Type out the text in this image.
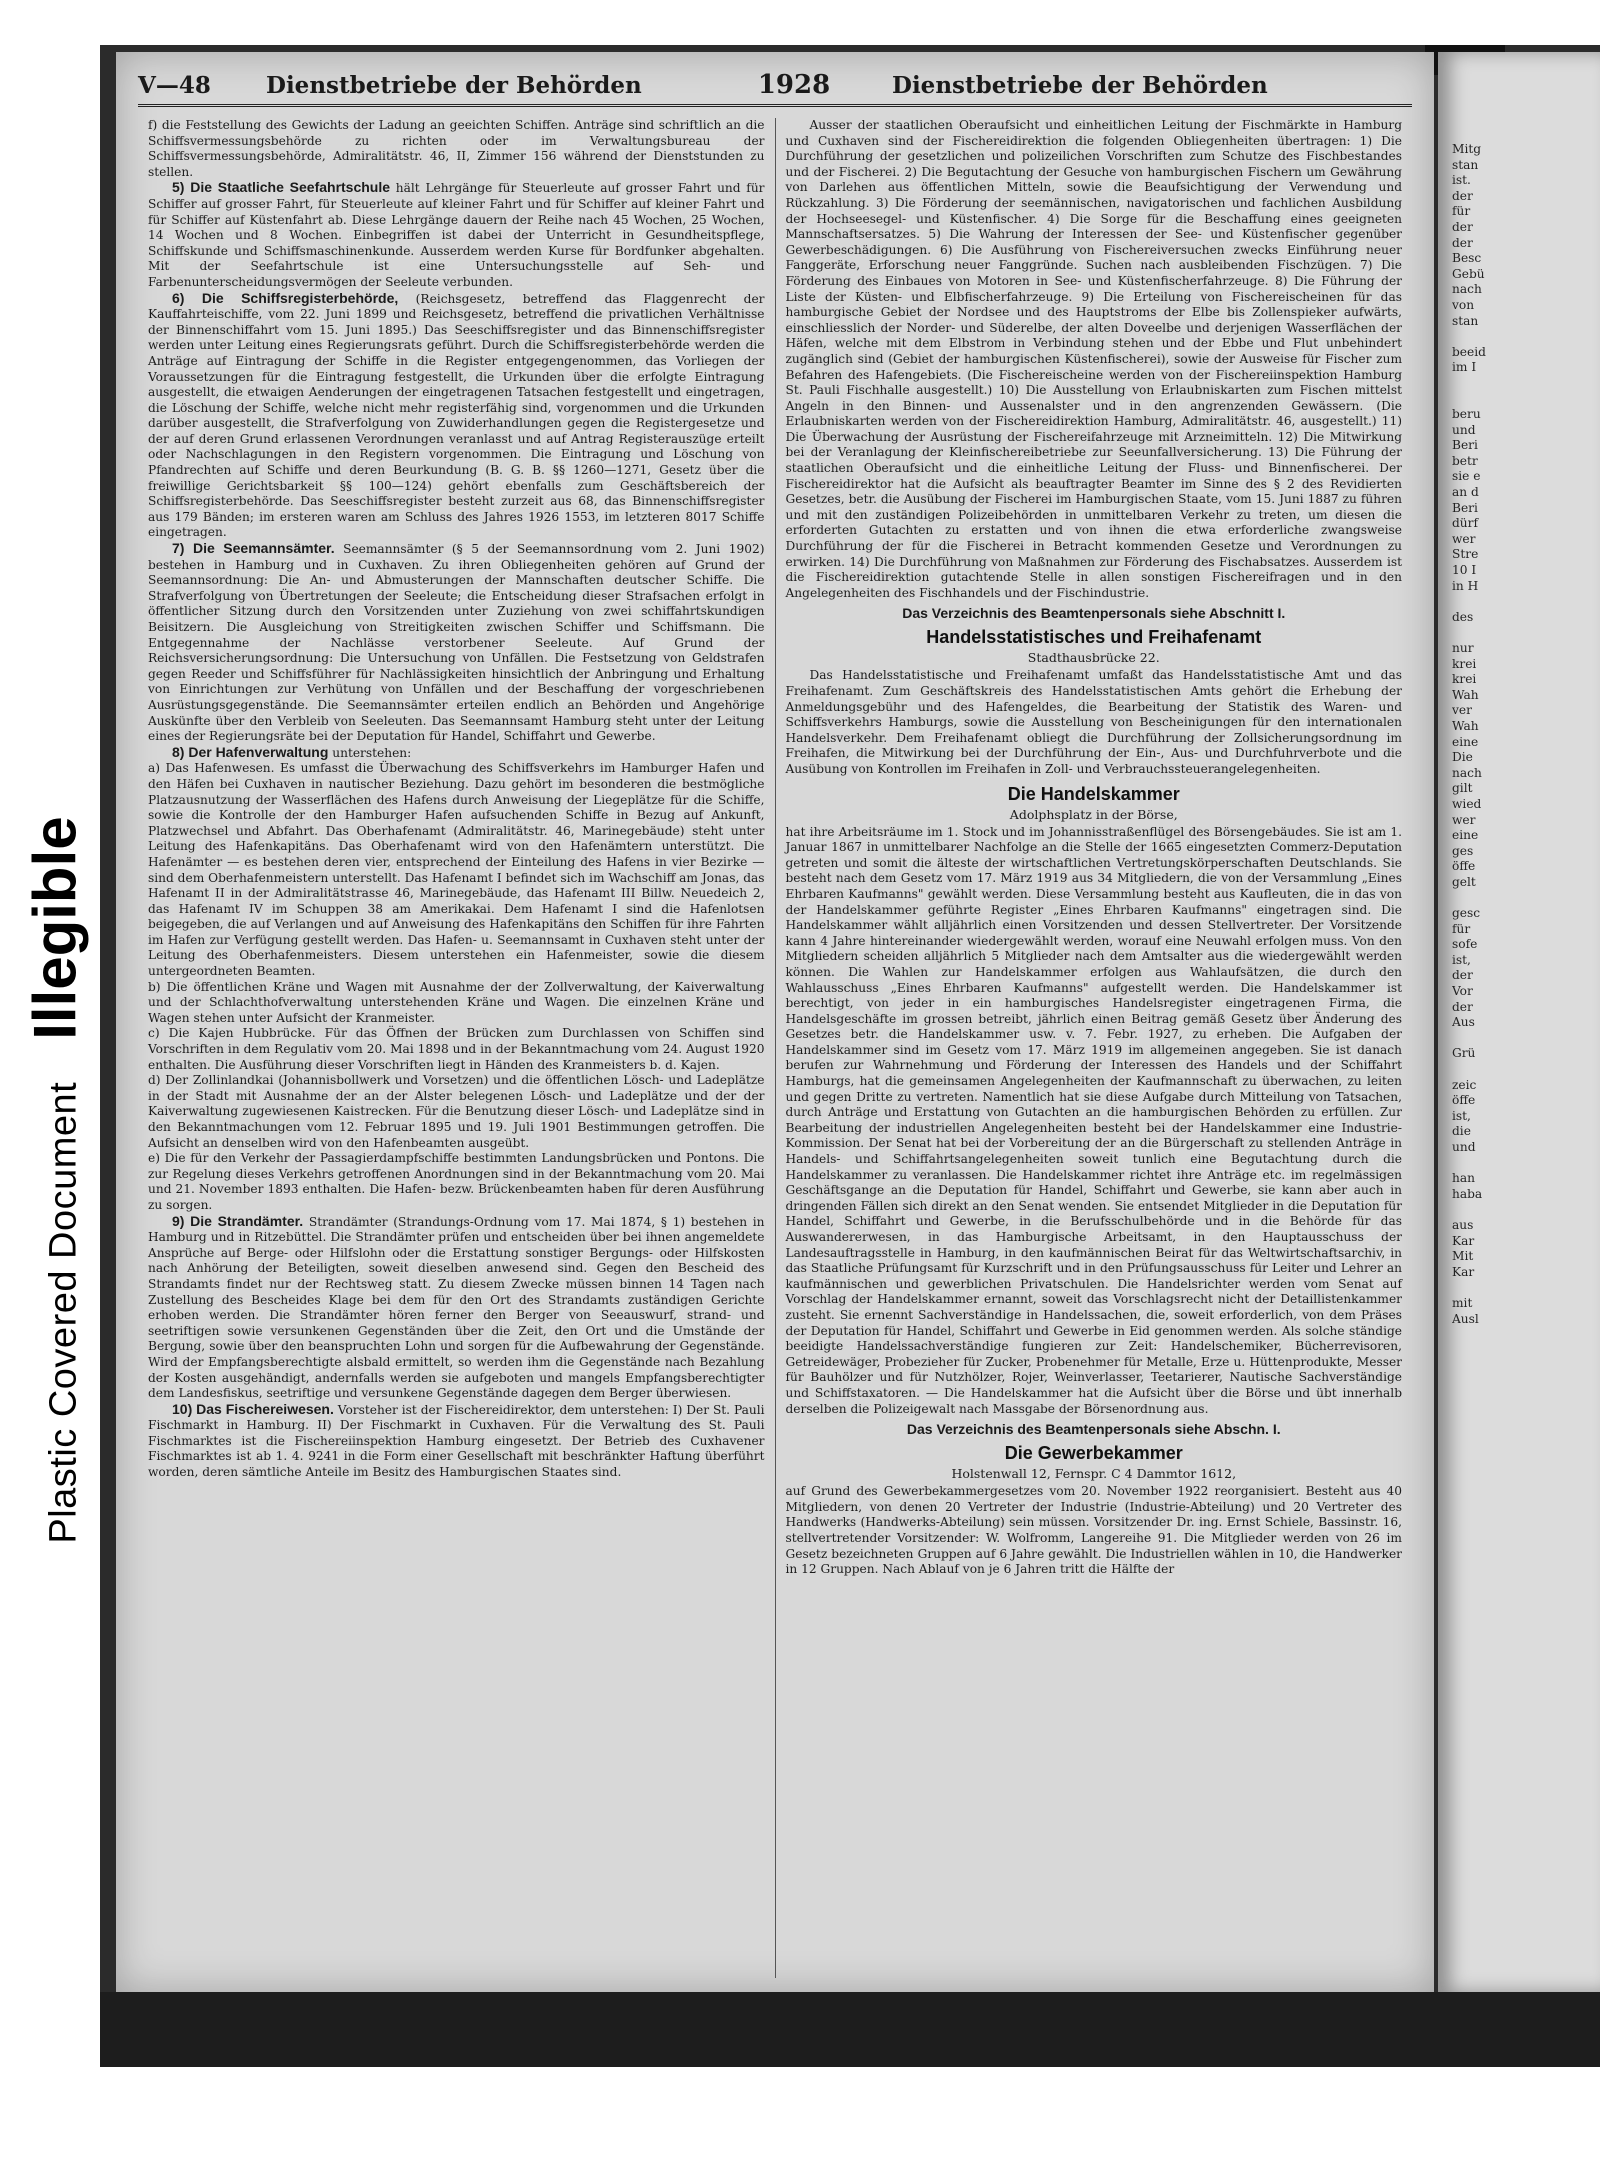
Plastic Covered Document
Illegible
V—48	Dienstbetriebe der Behörden	1928	Dienstbetriebe der Behörden

f) die Feststellung des Gewichts der Ladung an geeichten Schiffen. Anträge sind schriftlich an die Schiffsvermessungsbehörde zu richten oder im Verwaltungsbureau der Schiffsvermessungsbehörde, Admiralitätstr. 46, II, Zimmer 156 während der Dienststunden zu stellen.

5) Die Staatliche Seefahrtschule hält Lehrgänge für Steuerleute auf grosser Fahrt und für Schiffer auf grosser Fahrt, für Steuerleute auf kleiner Fahrt und für Schiffer auf kleiner Fahrt und für Schiffer auf Küstenfahrt ab. Diese Lehrgänge dauern der Reihe nach 45 Wochen, 25 Wochen, 14 Wochen und 8 Wochen. Einbegriffen ist dabei der Unterricht in Gesundheitspflege, Schiffskunde und Schiffsmaschinenkunde. Ausserdem werden Kurse für Bordfunker abgehalten. Mit der Seefahrtschule ist eine Untersuchungsstelle auf Seh- und Farbenunterscheidungsvermögen der Seeleute verbunden.

6) Die Schiffsregisterbehörde, (Reichsgesetz, betreffend das Flaggenrecht der Kauffahrteischiffe, vom 22. Juni 1899 und Reichsgesetz, betreffend die privatlichen Verhältnisse der Binnenschiffahrt vom 15. Juni 1895.) Das Seeschiffsregister und das Binnenschiffsregister werden unter Leitung eines Regierungsrats geführt. Durch die Schiffsregisterbehörde werden die Anträge auf Eintragung der Schiffe in die Register entgegengenommen, das Vorliegen der Voraussetzungen für die Eintragung festgestellt, die Urkunden über die erfolgte Eintragung ausgestellt, die etwaigen Aenderungen der eingetragenen Tatsachen festgestellt und eingetragen, die Löschung der Schiffe, welche nicht mehr registerfähig sind, vorgenommen und die Urkunden darüber ausgestellt, die Strafverfolgung von Zuwiderhandlungen gegen die Registergesetze und der auf deren Grund erlassenen Verordnungen veranlasst und auf Antrag Registerauszüge erteilt oder Nachschlagungen in den Registern vorgenommen. Die Eintragung und Löschung von Pfandrechten auf Schiffe und deren Beurkundung (B. G. B. §§ 1260—1271, Gesetz über die freiwillige Gerichtsbarkeit §§ 100—124) gehört ebenfalls zum Geschäftsbereich der Schiffsregisterbehörde. Das Seeschiffsregister besteht zurzeit aus 68, das Binnenschiffsregister aus 179 Bänden; im ersteren waren am Schluss des Jahres 1926 1553, im letzteren 8017 Schiffe eingetragen.

7) Die Seemannsämter. Seemannsämter (§ 5 der Seemannsordnung vom 2. Juni 1902) bestehen in Hamburg und in Cuxhaven. Zu ihren Obliegenheiten gehören auf Grund der Seemannsordnung: Die An- und Abmusterungen der Mannschaften deutscher Schiffe. Die Strafverfolgung von Übertretungen der Seeleute; die Entscheidung dieser Strafsachen erfolgt in öffentlicher Sitzung durch den Vorsitzenden unter Zuziehung von zwei schiffahrtskundigen Beisitzern. Die Ausgleichung von Streitigkeiten zwischen Schiffer und Schiffsmann. Die Entgegennahme der Nachlässe verstorbener Seeleute. Auf Grund der Reichsversicherungsordnung: Die Untersuchung von Unfällen. Die Festsetzung von Geldstrafen gegen Reeder und Schiffsführer für Nachlässigkeiten hinsichtlich der Anbringung und Erhaltung von Einrichtungen zur Verhütung von Unfällen und der Beschaffung der vorgeschriebenen Ausrüstungsgegenstände. Die Seemannsämter erteilen endlich an Behörden und Angehörige Auskünfte über den Verbleib von Seeleuten. Das Seemannsamt Hamburg steht unter der Leitung eines der Regierungsräte bei der Deputation für Handel, Schiffahrt und Gewerbe.

8) Der Hafenverwaltung unterstehen:

a) Das Hafenwesen. Es umfasst die Überwachung des Schiffsverkehrs im Hamburger Hafen und den Häfen bei Cuxhaven in nautischer Beziehung. Dazu gehört im besonderen die bestmögliche Platzausnutzung der Wasserflächen des Hafens durch Anweisung der Liegeplätze für die Schiffe, sowie die Kontrolle der den Hamburger Hafen aufsuchenden Schiffe in Bezug auf Ankunft, Platzwechsel und Abfahrt. Das Oberhafenamt (Admiralitätstr. 46, Marinegebäude) steht unter Leitung des Hafenkapitäns. Das Oberhafenamt wird von den Hafenämtern unterstützt. Die Hafenämter — es bestehen deren vier, entsprechend der Einteilung des Hafens in vier Bezirke — sind dem Oberhafenmeistern unterstellt. Das Hafenamt I befindet sich im Wachschiff am Jonas, das Hafenamt II in der Admiralitätstrasse 46, Marinegebäude, das Hafenamt III Billw. Neuedeich 2, das Hafenamt IV im Schuppen 38 am Amerikakai. Dem Hafenamt I sind die Hafenlotsen beigegeben, die auf Verlangen und auf Anweisung des Hafenkapitäns den Schiffen für ihre Fahrten im Hafen zur Verfügung gestellt werden. Das Hafen- u. Seemannsamt in Cuxhaven steht unter der Leitung des Oberhafenmeisters. Diesem unterstehen ein Hafenmeister, sowie die diesem untergeordneten Beamten.

b) Die öffentlichen Kräne und Wagen mit Ausnahme der der Zollverwaltung, der Kaiverwaltung und der Schlachthofverwaltung unterstehenden Kräne und Wagen. Die einzelnen Kräne und Wagen stehen unter Aufsicht der Kranmeister.

c) Die Kajen Hubbrücke. Für das Öffnen der Brücken zum Durchlassen von Schiffen sind Vorschriften in dem Regulativ vom 20. Mai 1898 und in der Bekanntmachung vom 24. August 1920 enthalten. Die Ausführung dieser Vorschriften liegt in Händen des Kranmeisters b. d. Kajen.

d) Der Zollinlandkai (Johannisbollwerk und Vorsetzen) und die öffentlichen Lösch- und Ladeplätze in der Stadt mit Ausnahme der an der Alster belegenen Lösch- und Ladeplätze und der der Kaiverwaltung zugewiesenen Kaistrecken. Für die Benutzung dieser Lösch- und Ladeplätze sind in den Bekanntmachungen vom 12. Februar 1895 und 19. Juli 1901 Bestimmungen getroffen. Die Aufsicht an denselben wird von den Hafenbeamten ausgeübt.

e) Die für den Verkehr der Passagierdampfschiffe bestimmten Landungsbrücken und Pontons. Die zur Regelung dieses Verkehrs getroffenen Anordnungen sind in der Bekanntmachung vom 20. Mai und 21. November 1893 enthalten. Die Hafen- bezw. Brückenbeamten haben für deren Ausführung zu sorgen.

9) Die Strandämter. Strandämter (Strandungs-Ordnung vom 17. Mai 1874, § 1) bestehen in Hamburg und in Ritzebüttel. Die Strandämter prüfen und entscheiden über bei ihnen angemeldete Ansprüche auf Berge- oder Hilfslohn oder die Erstattung sonstiger Bergungs- oder Hilfskosten nach Anhörung der Beteiligten, soweit dieselben anwesend sind. Gegen den Bescheid des Strandamts findet nur der Rechtsweg statt. Zu diesem Zwecke müssen binnen 14 Tagen nach Zustellung des Bescheides Klage bei dem für den Ort des Strandamts zuständigen Gerichte erhoben werden. Die Strandämter hören ferner den Berger von Seeauswurf, strand- und seetriftigen sowie versunkenen Gegenständen über die Zeit, den Ort und die Umstände der Bergung, sowie über den beanspruchten Lohn und sorgen für die Aufbewahrung der Gegenstände. Wird der Empfangsberechtigte alsbald ermittelt, so werden ihm die Gegenstände nach Bezahlung der Kosten ausgehändigt, andernfalls werden sie aufgeboten und mangels Empfangsberechtigter dem Landesfiskus, seetriftige und versunkene Gegenstände dagegen dem Berger überwiesen.

10) Das Fischereiwesen. Vorsteher ist der Fischereidirektor, dem unterstehen: I) Der St. Pauli Fischmarkt in Hamburg. II) Der Fischmarkt in Cuxhaven. Für die Verwaltung des St. Pauli Fischmarktes ist die Fischereiinspektion Hamburg eingesetzt. Der Betrieb des Cuxhavener Fischmarktes ist ab 1. 4. 9241 in die Form einer Gesellschaft mit beschränkter Haftung überführt worden, deren sämtliche Anteile im Besitz des Hamburgischen Staates sind.

Ausser der staatlichen Oberaufsicht und einheitlichen Leitung der Fischmärkte in Hamburg und Cuxhaven sind der Fischereidirektion die folgenden Obliegenheiten übertragen: 1) Die Durchführung der gesetzlichen und polizeilichen Vorschriften zum Schutze des Fischbestandes und der Fischerei. 2) Die Begutachtung der Gesuche von hamburgischen Fischern um Gewährung von Darlehen aus öffentlichen Mitteln, sowie die Beaufsichtigung der Verwendung und Rückzahlung. 3) Die Förderung der seemännischen, navigatorischen und fachlichen Ausbildung der Hochseesegel- und Küstenfischer. 4) Die Sorge für die Beschaffung eines geeigneten Mannschaftsersatzes. 5) Die Wahrung der Interessen der See- und Küstenfischer gegenüber Gewerbeschädigungen. 6) Die Ausführung von Fischereiversuchen zwecks Einführung neuer Fanggeräte, Erforschung neuer Fanggründe. Suchen nach ausbleibenden Fischzügen. 7) Die Förderung des Einbaues von Motoren in See- und Küstenfischerfahrzeuge. 8) Die Führung der Liste der Küsten- und Elbfischerfahrzeuge. 9) Die Erteilung von Fischereischeinen für das hamburgische Gebiet der Nordsee und des Hauptstroms der Elbe bis Zollenspieker aufwärts, einschliesslich der Norder- und Süderelbe, der alten Doveelbe und derjenigen Wasserflächen der Häfen, welche mit dem Elbstrom in Verbindung stehen und der Ebbe und Flut unbehindert zugänglich sind (Gebiet der hamburgischen Küstenfischerei), sowie der Ausweise für Fischer zum Befahren des Hafengebiets. (Die Fischereischeine werden von der Fischereiinspektion Hamburg St. Pauli Fischhalle ausgestellt.) 10) Die Ausstellung von Erlaubniskarten zum Fischen mittelst Angeln in den Binnen- und Aussenalster und in den angrenzenden Gewässern. (Die Erlaubniskarten werden von der Fischereidirektion Hamburg, Admiralitätstr. 46, ausgestellt.) 11) Die Überwachung der Ausrüstung der Fischereifahrzeuge mit Arzneimitteln. 12) Die Mitwirkung bei der Veranlagung der Kleinfischereibetriebe zur Seeunfallversicherung. 13) Die Führung der staatlichen Oberaufsicht und die einheitliche Leitung der Fluss- und Binnenfischerei. Der Fischereidirektor hat die Aufsicht als beauftragter Beamter im Sinne des § 2 des Revidierten Gesetzes, betr. die Ausübung der Fischerei im Hamburgischen Staate, vom 15. Juni 1887 zu führen und mit den zuständigen Polizeibehörden in unmittelbaren Verkehr zu treten, um diesen die erforderten Gutachten zu erstatten und von ihnen die etwa erforderliche zwangsweise Durchführung der für die Fischerei in Betracht kommenden Gesetze und Verordnungen zu erwirken. 14) Die Durchführung von Maßnahmen zur Förderung des Fischabsatzes. Ausserdem ist die Fischereidirektion gutachtende Stelle in allen sonstigen Fischereifragen und in den Angelegenheiten des Fischhandels und der Fischindustrie.

Das Verzeichnis des Beamtenpersonals siehe Abschnitt I.
Handelsstatistisches und Freihafenamt
Stadthausbrücke 22.

Das Handelsstatistische und Freihafenamt umfaßt das Handelsstatistische Amt und das Freihafenamt. Zum Geschäftskreis des Handelsstatistischen Amts gehört die Erhebung der Anmeldungsgebühr und des Hafengeldes, die Bearbeitung der Statistik des Waren- und Schiffsverkehrs Hamburgs, sowie die Ausstellung von Bescheinigungen für den internationalen Handelsverkehr. Dem Freihafenamt obliegt die Durchführung der Zollsicherungsordnung im Freihafen, die Mitwirkung bei der Durchführung der Ein-, Aus- und Durchfuhrverbote und die Ausübung von Kontrollen im Freihafen in Zoll- und Verbrauchssteuerangelegenheiten.

Die Handelskammer
Adolphsplatz in der Börse,

hat ihre Arbeitsräume im 1. Stock und im Johannisstraßenflügel des Börsengebäudes. Sie ist am 1. Januar 1867 in unmittelbarer Nachfolge an die Stelle der 1665 eingesetzten Commerz-Deputation getreten und somit die älteste der wirtschaftlichen Vertretungskörperschaften Deutschlands. Sie besteht nach dem Gesetz vom 17. März 1919 aus 34 Mitgliedern, die von der Versammlung „Eines Ehrbaren Kaufmanns" gewählt werden. Diese Versammlung besteht aus Kaufleuten, die in das von der Handelskammer geführte Register „Eines Ehrbaren Kaufmanns" eingetragen sind. Die Handelskammer wählt alljährlich einen Vorsitzenden und dessen Stellvertreter. Der Vorsitzende kann 4 Jahre hintereinander wiedergewählt werden, worauf eine Neuwahl erfolgen muss. Von den Mitgliedern scheiden alljährlich 5 Mitglieder nach dem Amtsalter aus die wiedergewählt werden können. Die Wahlen zur Handelskammer erfolgen aus Wahlaufsätzen, die durch den Wahlausschuss „Eines Ehrbaren Kaufmanns" aufgestellt werden. Die Handelskammer ist berechtigt, von jeder in ein hamburgisches Handelsregister eingetragenen Firma, die Handelsgeschäfte im grossen betreibt, jährlich einen Beitrag gemäß Gesetz über Änderung des Gesetzes betr. die Handelskammer usw. v. 7. Febr. 1927, zu erheben. Die Aufgaben der Handelskammer sind im Gesetz vom 17. März 1919 im allgemeinen angegeben. Sie ist danach berufen zur Wahrnehmung und Förderung der Interessen des Handels und der Schiffahrt Hamburgs, hat die gemeinsamen Angelegenheiten der Kaufmannschaft zu überwachen, zu leiten und gegen Dritte zu vertreten. Namentlich hat sie diese Aufgabe durch Mitteilung von Tatsachen, durch Anträge und Erstattung von Gutachten an die hamburgischen Behörden zu erfüllen. Zur Bearbeitung der industriellen Angelegenheiten besteht bei der Handelskammer eine Industrie-Kommission. Der Senat hat bei der Vorbereitung der an die Bürgerschaft zu stellenden Anträge in Handels- und Schiffahrtsangelegenheiten soweit tunlich eine Begutachtung durch die Handelskammer zu veranlassen. Die Handelskammer richtet ihre Anträge etc. im regelmässigen Geschäftsgange an die Deputation für Handel, Schiffahrt und Gewerbe, sie kann aber auch in dringenden Fällen sich direkt an den Senat wenden. Sie entsendet Mitglieder in die Deputation für Handel, Schiffahrt und Gewerbe, in die Berufsschulbehörde und in die Behörde für das Auswandererwesen, in das Hamburgische Arbeitsamt, in den Hauptausschuss der Landesauftragsstelle in Hamburg, in den kaufmännischen Beirat für das Weltwirtschaftsarchiv, in das Staatliche Prüfungsamt für Kurzschrift und in den Prüfungsausschuss für Leiter und Lehrer an kaufmännischen und gewerblichen Privatschulen. Die Handelsrichter werden vom Senat auf Vorschlag der Handelskammer ernannt, soweit das Vorschlagsrecht nicht der Detaillistenkammer zusteht. Sie ernennt Sachverständige in Handelssachen, die, soweit erforderlich, von dem Präses der Deputation für Handel, Schiffahrt und Gewerbe in Eid genommen werden. Als solche ständige beeidigte Handelssachverständige fungieren zur Zeit: Handelschemiker, Bücherrevisoren, Getreidewäger, Probezieher für Zucker, Probenehmer für Metalle, Erze u. Hüttenprodukte, Messer für Bauhölzer und für Nutzhölzer, Rojer, Weinverlasser, Teetarierer, Nautische Sachverständige und Schiffstaxatoren. — Die Handelskammer hat die Aufsicht über die Börse und übt innerhalb derselben die Polizeigewalt nach Massgabe der Börsenordnung aus.

Das Verzeichnis des Beamtenpersonals siehe Abschn. I.
Die Gewerbekammer
Holstenwall 12, Fernspr. C 4 Dammtor 1612,

auf Grund des Gewerbekammergesetzes vom 20. November 1922 reorganisiert. Besteht aus 40 Mitgliedern, von denen 20 Vertreter der Industrie (Industrie-Abteilung) und 20 Vertreter des Handwerks (Handwerks-Abteilung) sein müssen. Vorsitzender Dr. ing. Ernst Schiele, Bassinstr. 16, stellvertretender Vorsitzender: W. Wolfromm, Langereihe 91. Die Mitglieder werden von 26 im Gesetz bezeichneten Gruppen auf 6 Jahre gewählt. Die Industriellen wählen in 10, die Handwerker in 12 Gruppen. Nach Ablauf von je 6 Jahren tritt die Hälfte der

Mitg
stan
ist.
der
für
der
der
Besc
Gebü
nach
von
stan

beeid
im I

beru
und
Beri
betr
sie e
an d
Beri
dürf
wer
Stre
10 I
in H

des

nur
krei
krei
Wah
ver
Wah
eine
Die
nach
gilt
wied
wer
eine
ges
öffe
gelt

gesc
für
sofe
ist,
der
Vor
der
Aus

Grü

zeic
öffe
ist,
die
und

han
haba

aus
Kar
Mit
Kar

mit
Ausl
